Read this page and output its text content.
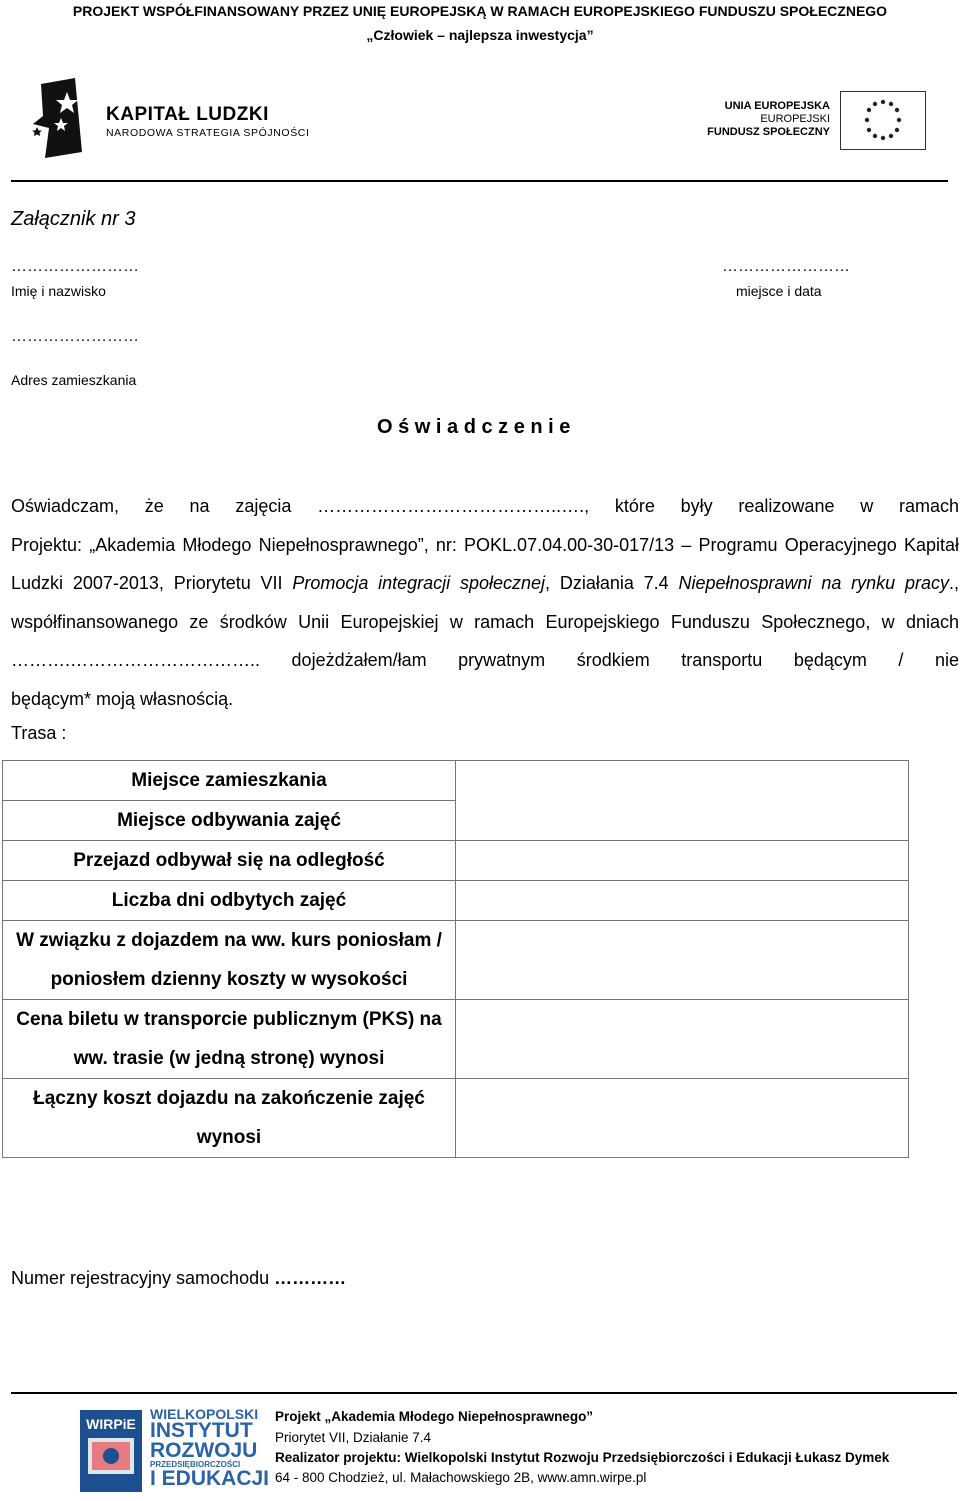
PROJEKT WSPÓŁFINANSOWANY PRZEZ UNIĘ EUROPEJSKĄ W RAMACH EUROPEJSKIEGO FUNDUSZU SPOŁECZNEGO
„Człowiek – najlepsza inwestycja”
KAPITAŁ LUDZKI
NARODOWA STRATEGIA SPÓJNOŚCI
UNIA EUROPEJSKA
EUROPEJSKI
FUNDUSZ SPOŁECZNY
Załącznik nr 3
……………………
Imię i nazwisko
……………………
miejsce i data
……………………
Adres zamieszkania
O ś w i a d c z e n i e

Oświadczam, że na zajęcia …………………………………..…., które były realizowane w ramach

Projektu: „Akademia Młodego Niepełnosprawnego”, nr: POKL.07.04.00-30-017/13 – Programu Operacyjnego Kapitał

Ludzki 2007-2013, Priorytetu VII Promocja integracji społecznej, Działania 7.4 Niepełnosprawni na rynku pracy.,

współfinansowanego ze środków Unii Europejskiej w ramach Europejskiego Funduszu Społecznego, w dniach

……….………………………….. dojeżdżałem/łam prywatnym środkiem transportu będącym / nie

będącym* moją własnością.

Trasa :
Miejsce zamieszkania	
Miejsce odbywania zajęć	
Przejazd odbywał się na odległość	
Liczba dni odbytych zajęć	
W związku z dojazdem na ww. kurs poniosłam / poniosłem dzienny koszty w wysokości	
Cena biletu w transporcie publicznym (PKS) na ww. trasie (w jedną stronę) wynosi	
Łączny koszt dojazdu na zakończenie zajęć wynosi	
Numer rejestracyjny samochodu …………
WIRPiE
WIELKOPOLSKI
INSTYTUT
ROZWOJU
PRZEDSIĘBIORCZOŚCI
I EDUKACJI
Projekt „Akademia Młodego Niepełnosprawnego”
Priorytet VII, Działanie 7.4
Realizator projektu: Wielkopolski Instytut Rozwoju Przedsiębiorczości i Edukacji Łukasz Dymek
64 - 800 Chodzież, ul. Małachowskiego 2B, www.amn.wirpe.pl
